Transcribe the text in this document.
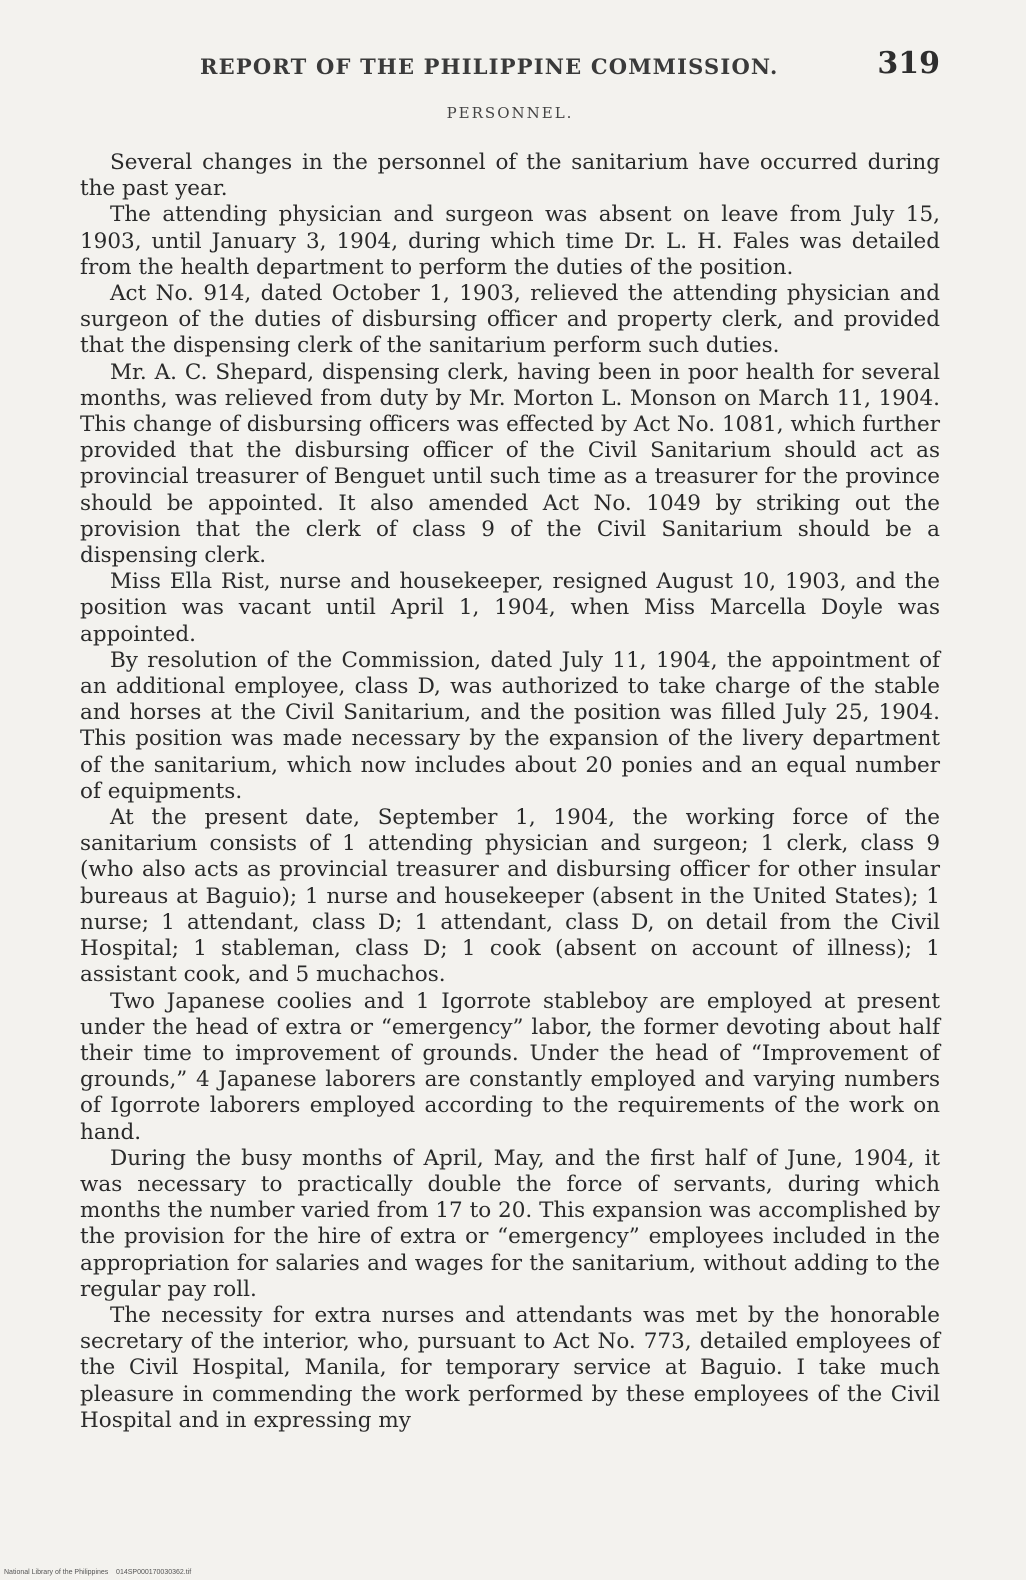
REPORT OF THE PHILIPPINE COMMISSION.	319
PERSONNEL.

Several changes in the personnel of the sanitarium have occurred during the past year.

The attending physician and surgeon was absent on leave from July 15, 1903, until January 3, 1904, during which time Dr. L. H. Fales was detailed from the health department to perform the duties of the position.

Act No. 914, dated October 1, 1903, relieved the attending physician and surgeon of the duties of disbursing officer and property clerk, and provided that the dispensing clerk of the sanitarium perform such duties.

Mr. A. C. Shepard, dispensing clerk, having been in poor health for several months, was relieved from duty by Mr. Morton L. Monson on March 11, 1904. This change of disbursing officers was effected by Act No. 1081, which further provided that the disbursing officer of the Civil Sanitarium should act as provincial treasurer of Benguet until such time as a treasurer for the province should be appointed. It also amended Act No. 1049 by striking out the provision that the clerk of class 9 of the Civil Sanitarium should be a dispensing clerk.

Miss Ella Rist, nurse and housekeeper, resigned August 10, 1903, and the position was vacant until April 1, 1904, when Miss Marcella Doyle was appointed.

By resolution of the Commission, dated July 11, 1904, the appointment of an additional employee, class D, was authorized to take charge of the stable and horses at the Civil Sanitarium, and the position was filled July 25, 1904. This position was made necessary by the expansion of the livery department of the sanitarium, which now includes about 20 ponies and an equal number of equipments.

At the present date, September 1, 1904, the working force of the sanitarium consists of 1 attending physician and surgeon; 1 clerk, class 9 (who also acts as provincial treasurer and disbursing officer for other insular bureaus at Baguio); 1 nurse and housekeeper (absent in the United States); 1 nurse; 1 attendant, class D; 1 attendant, class D, on detail from the Civil Hospital; 1 stableman, class D; 1 cook (absent on account of illness); 1 assistant cook, and 5 muchachos.

Two Japanese coolies and 1 Igorrote stableboy are employed at present under the head of extra or “emergency” labor, the former devoting about half their time to improvement of grounds. Under the head of “Improvement of grounds,” 4 Japanese laborers are constantly employed and varying numbers of Igorrote laborers employed according to the requirements of the work on hand.

During the busy months of April, May, and the first half of June, 1904, it was necessary to practically double the force of servants, during which months the number varied from 17 to 20. This expansion was accomplished by the provision for the hire of extra or “emergency” employees included in the appropriation for salaries and wages for the sanitarium, without adding to the regular pay roll.

The necessity for extra nurses and attendants was met by the honorable secretary of the interior, who, pursuant to Act No. 773, detailed employees of the Civil Hospital, Manila, for temporary service at Baguio. I take much pleasure in commending the work performed by these employees of the Civil Hospital and in expressing my

National Library of the Philippines    014SP000170030362.tif
